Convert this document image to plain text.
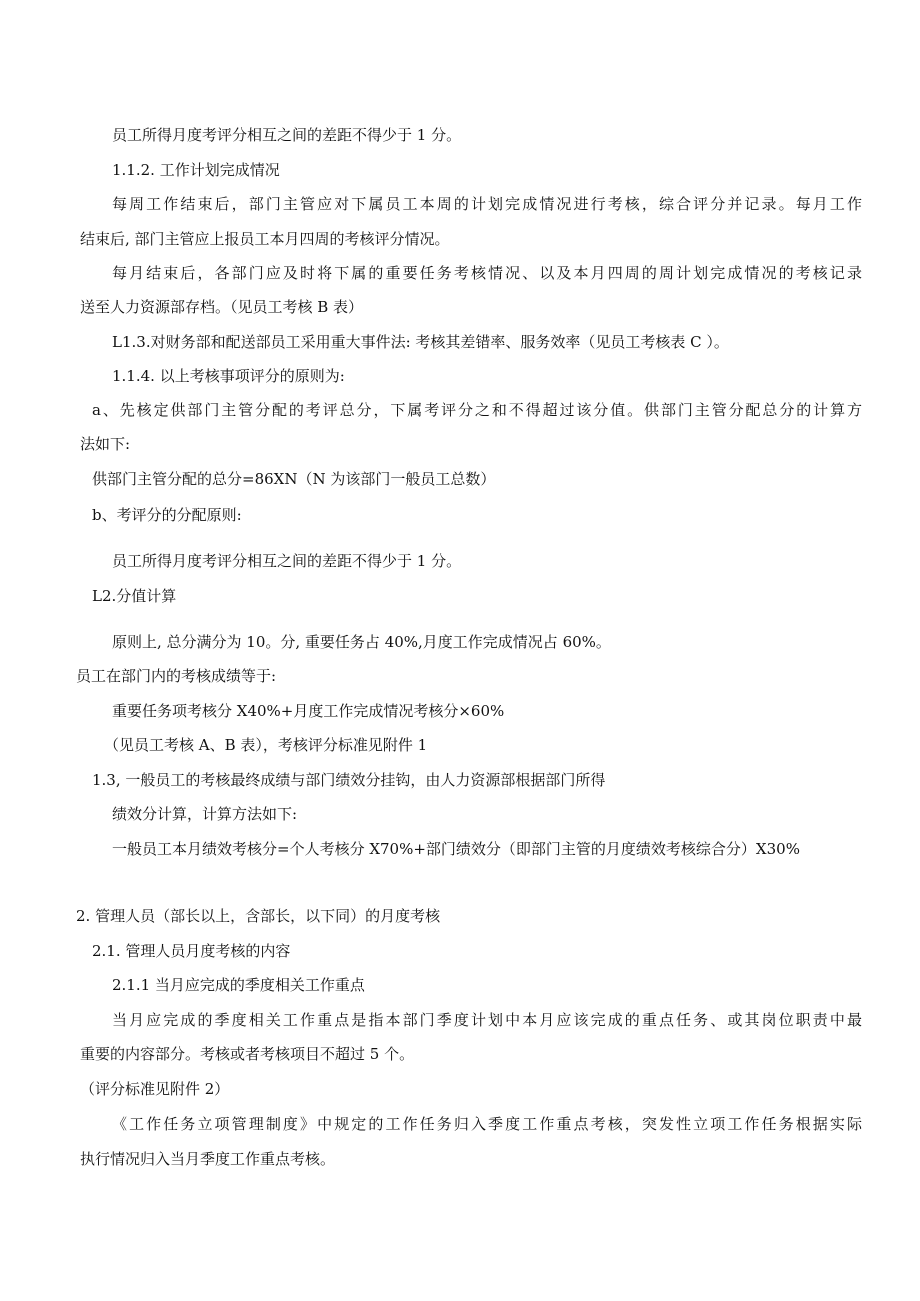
员工所得月度考评分相互之间的差距不得少于 1 分。
1.1.2. 工作计划完成情况
每周工作结束后，部门主管应对下属员工本周的计划完成情况进行考核，综合评分并记录。每月工作
结束后, 部门主管应上报员工本月四周的考核评分情况。
每月结束后，各部门应及时将下属的重要任务考核情况、以及本月四周的周计划完成情况的考核记录
送至人力资源部存档。（见员工考核 B 表）
L1.3.对财务部和配送部员工采用重大事件法: 考核其差错率、服务效率（见员工考核表 C ）。
1.1.4. 以上考核事项评分的原则为:
a、先核定供部门主管分配的考评总分，下属考评分之和不得超过该分值。供部门主管分配总分的计算方
法如下:
供部门主管分配的总分=86XN（N 为该部门一般员工总数）
b、考评分的分配原则:
员工所得月度考评分相互之间的差距不得少于 1 分。
L2.分值计算
原则上, 总分满分为 10。分, 重要任务占 40%,月度工作完成情况占 60%。
员工在部门内的考核成绩等于:
重要任务项考核分 X40%+月度工作完成情况考核分×60%
（见员工考核 A、B 表），考核评分标准见附件 1
1.3, 一般员工的考核最终成绩与部门绩效分挂钩，由人力资源部根据部门所得
绩效分计算，计算方法如下:
一般员工本月绩效考核分=个人考核分 X70%+部门绩效分（即部门主管的月度绩效考核综合分）X30%
2. 管理人员（部长以上，含部长，以下同）的月度考核
2.1. 管理人员月度考核的内容
2.1.1 当月应完成的季度相关工作重点
当月应完成的季度相关工作重点是指本部门季度计划中本月应该完成的重点任务、或其岗位职责中最
重要的内容部分。考核或者考核项目不超过 5 个。
（评分标准见附件 2）
《工作任务立项管理制度》中规定的工作任务归入季度工作重点考核，突发性立项工作任务根据实际
执行情况归入当月季度工作重点考核。
